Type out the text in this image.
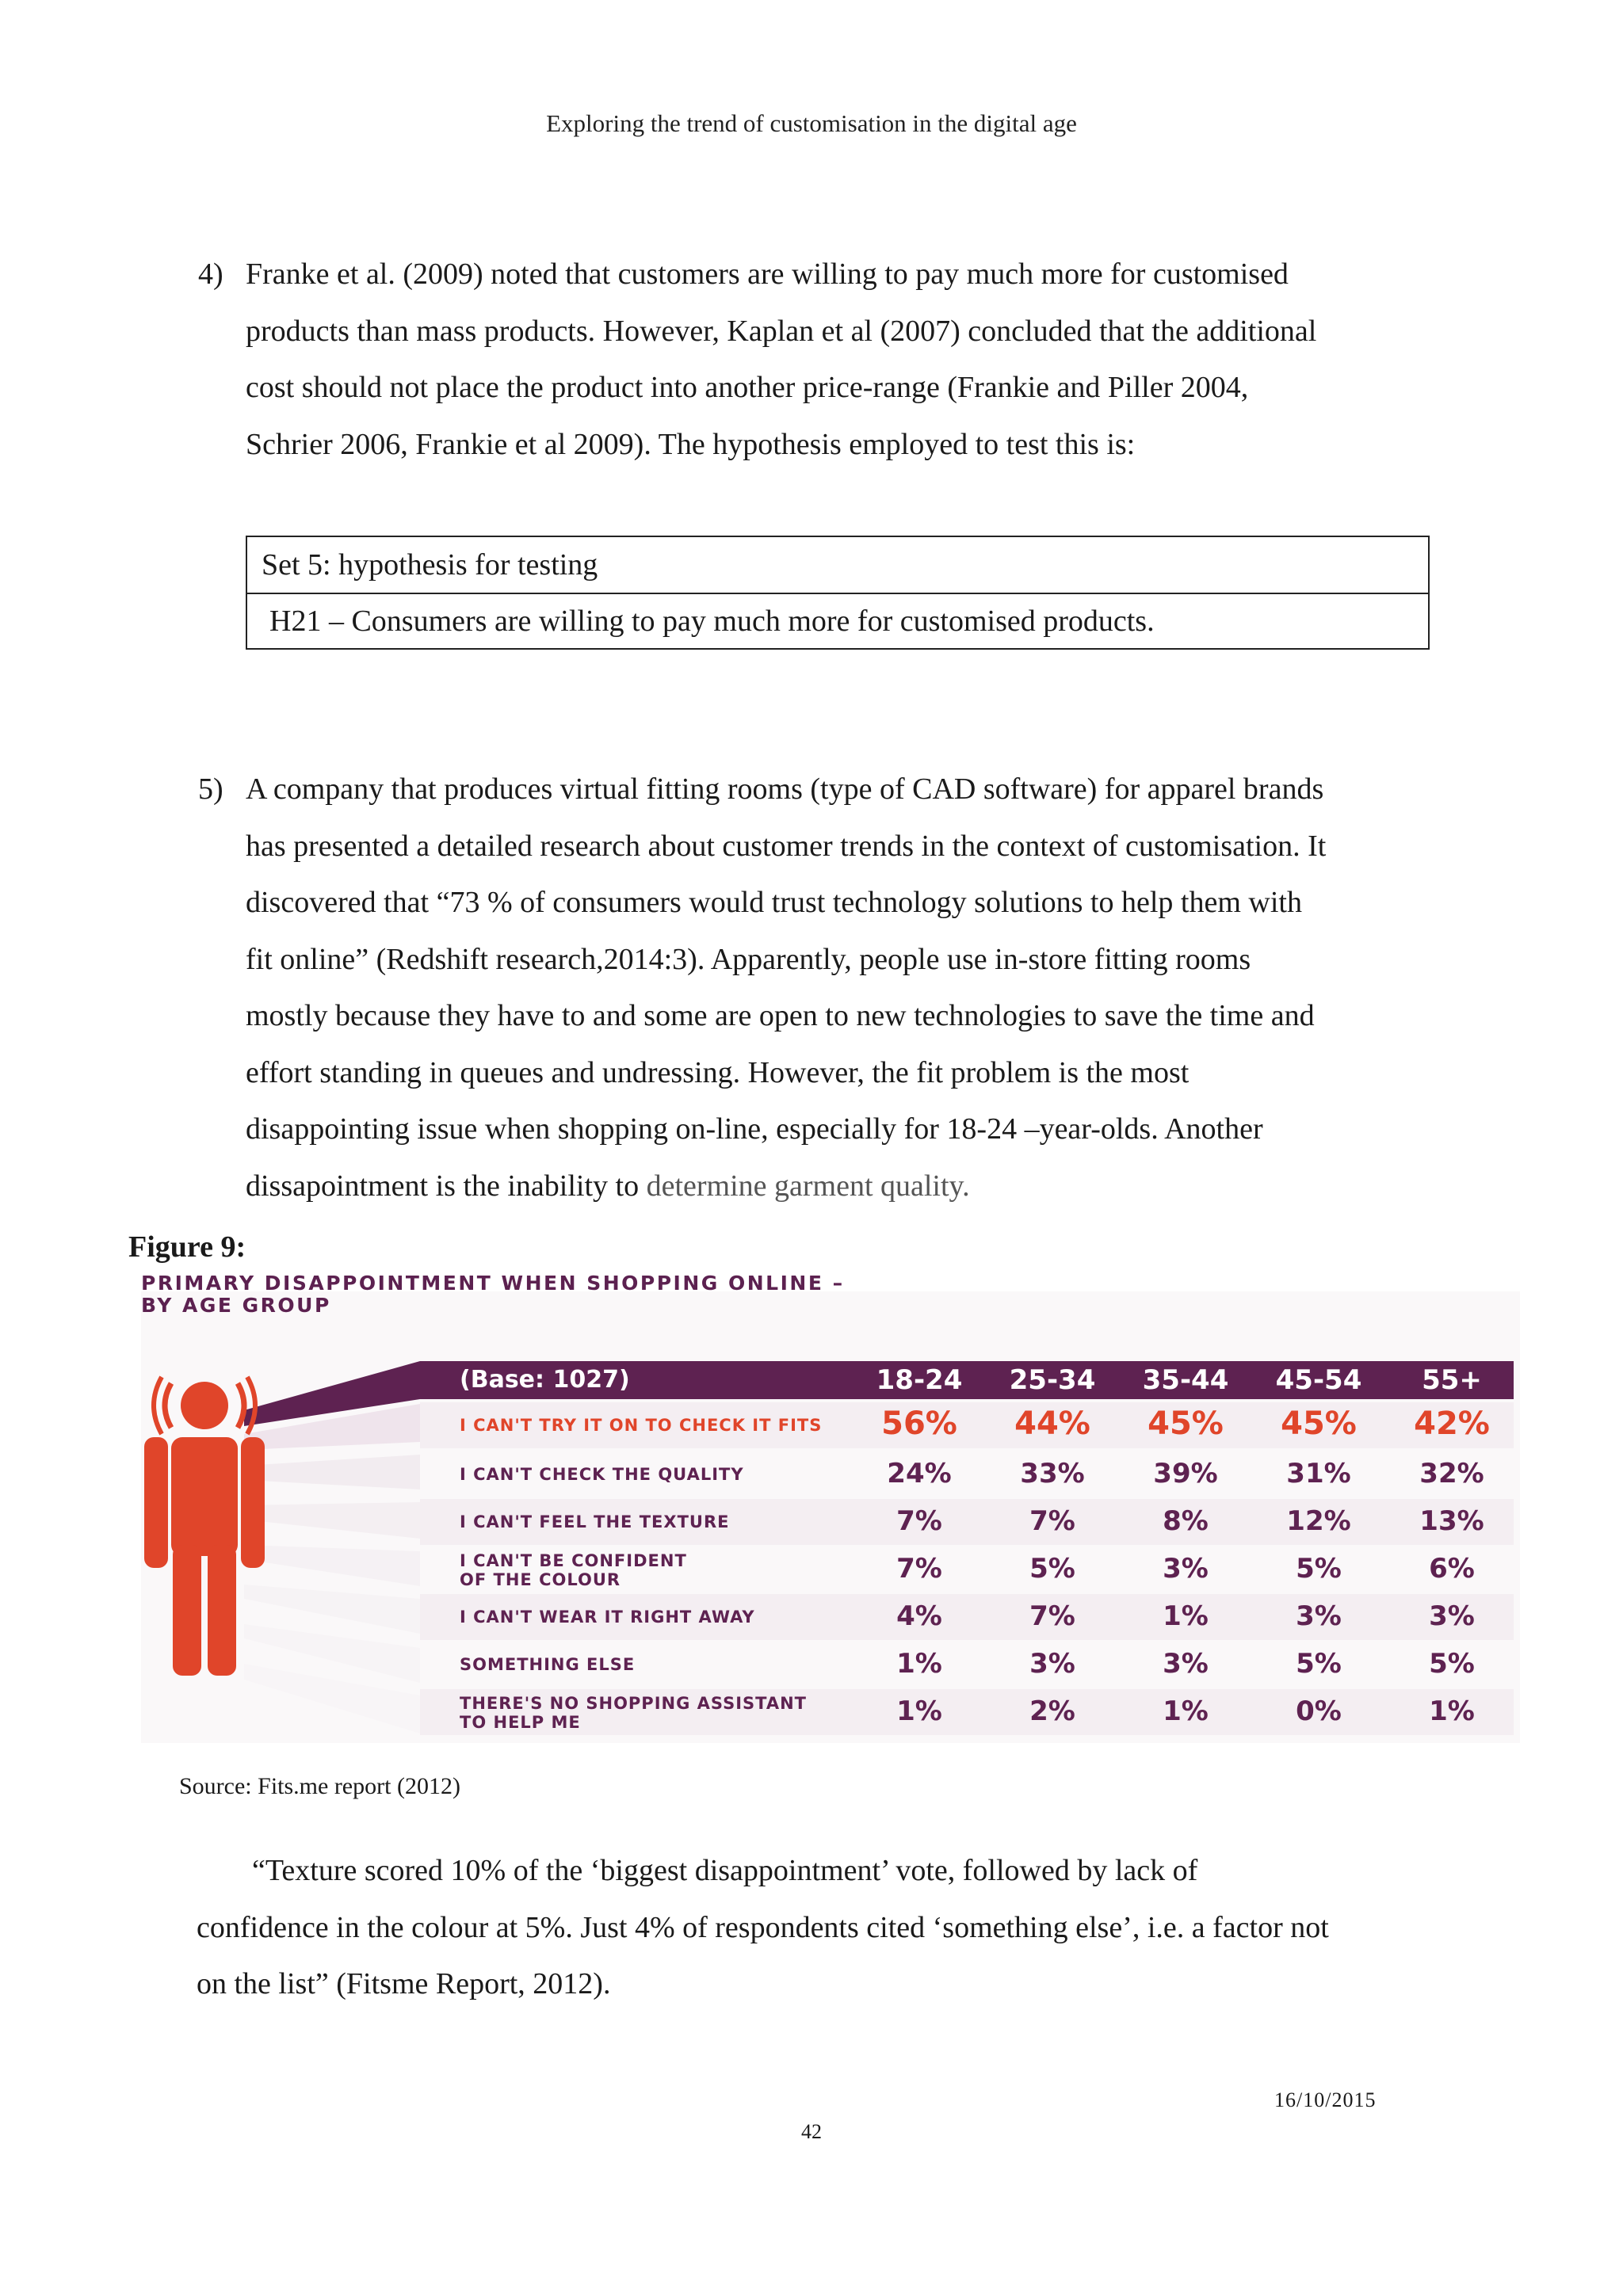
Exploring the trend of customisation in the digital age
4) Franke et al. (2009) noted that customers are willing to pay much more for customised
products than mass products. However, Kaplan et al (2007) concluded that the additional
cost should not place the product into another price-range (Frankie and Piller 2004,
Schrier 2006, Frankie et al 2009). The hypothesis employed to test this is:
Set 5: hypothesis for testing
H21 – Consumers are willing to pay much more for customised products.
5) A company that produces virtual fitting rooms (type of CAD software) for apparel brands
has presented a detailed research about customer trends in the context of customisation. It
discovered that “73 % of consumers would trust technology solutions to help them with
fit online” (Redshift research,2014:3). Apparently, people use in-store fitting rooms
mostly because they have to and some are open to new technologies to save the time and
effort standing in queues and undressing. However, the fit problem is the most
disappointing issue when shopping on-line, especially for 18-24 –year-olds. Another
dissapointment is the inability to determine garment quality.
Figure 9:
PRIMARY DISAPPOINTMENT WHEN SHOPPING ONLINE –
BY AGE GROUP
(Base: 1027)	18-24	25-34	35-44	45-54	55+
I CAN'T TRY IT ON TO CHECK IT FITS	56%	44%	45%	45%	42%
I CAN'T CHECK THE QUALITY	24%	33%	39%	31%	32%
I CAN'T FEEL THE TEXTURE	7%	7%	8%	12%	13%
I CAN'T BE CONFIDENT
OF THE COLOUR	7%	5%	3%	5%	6%
I CAN'T WEAR IT RIGHT AWAY	4%	7%	1%	3%	3%
SOMETHING ELSE	1%	3%	3%	5%	5%
THERE'S NO SHOPPING ASSISTANT
TO HELP ME	1%	2%	1%	0%	1%
Source: Fits.me report (2012)
“Texture scored 10% of the ‘biggest disappointment’ vote, followed by lack of
confidence in the colour at 5%. Just 4% of respondents cited ‘something else’, i.e. a factor not
on the list” (Fitsme Report, 2012).
16/10/2015
42
